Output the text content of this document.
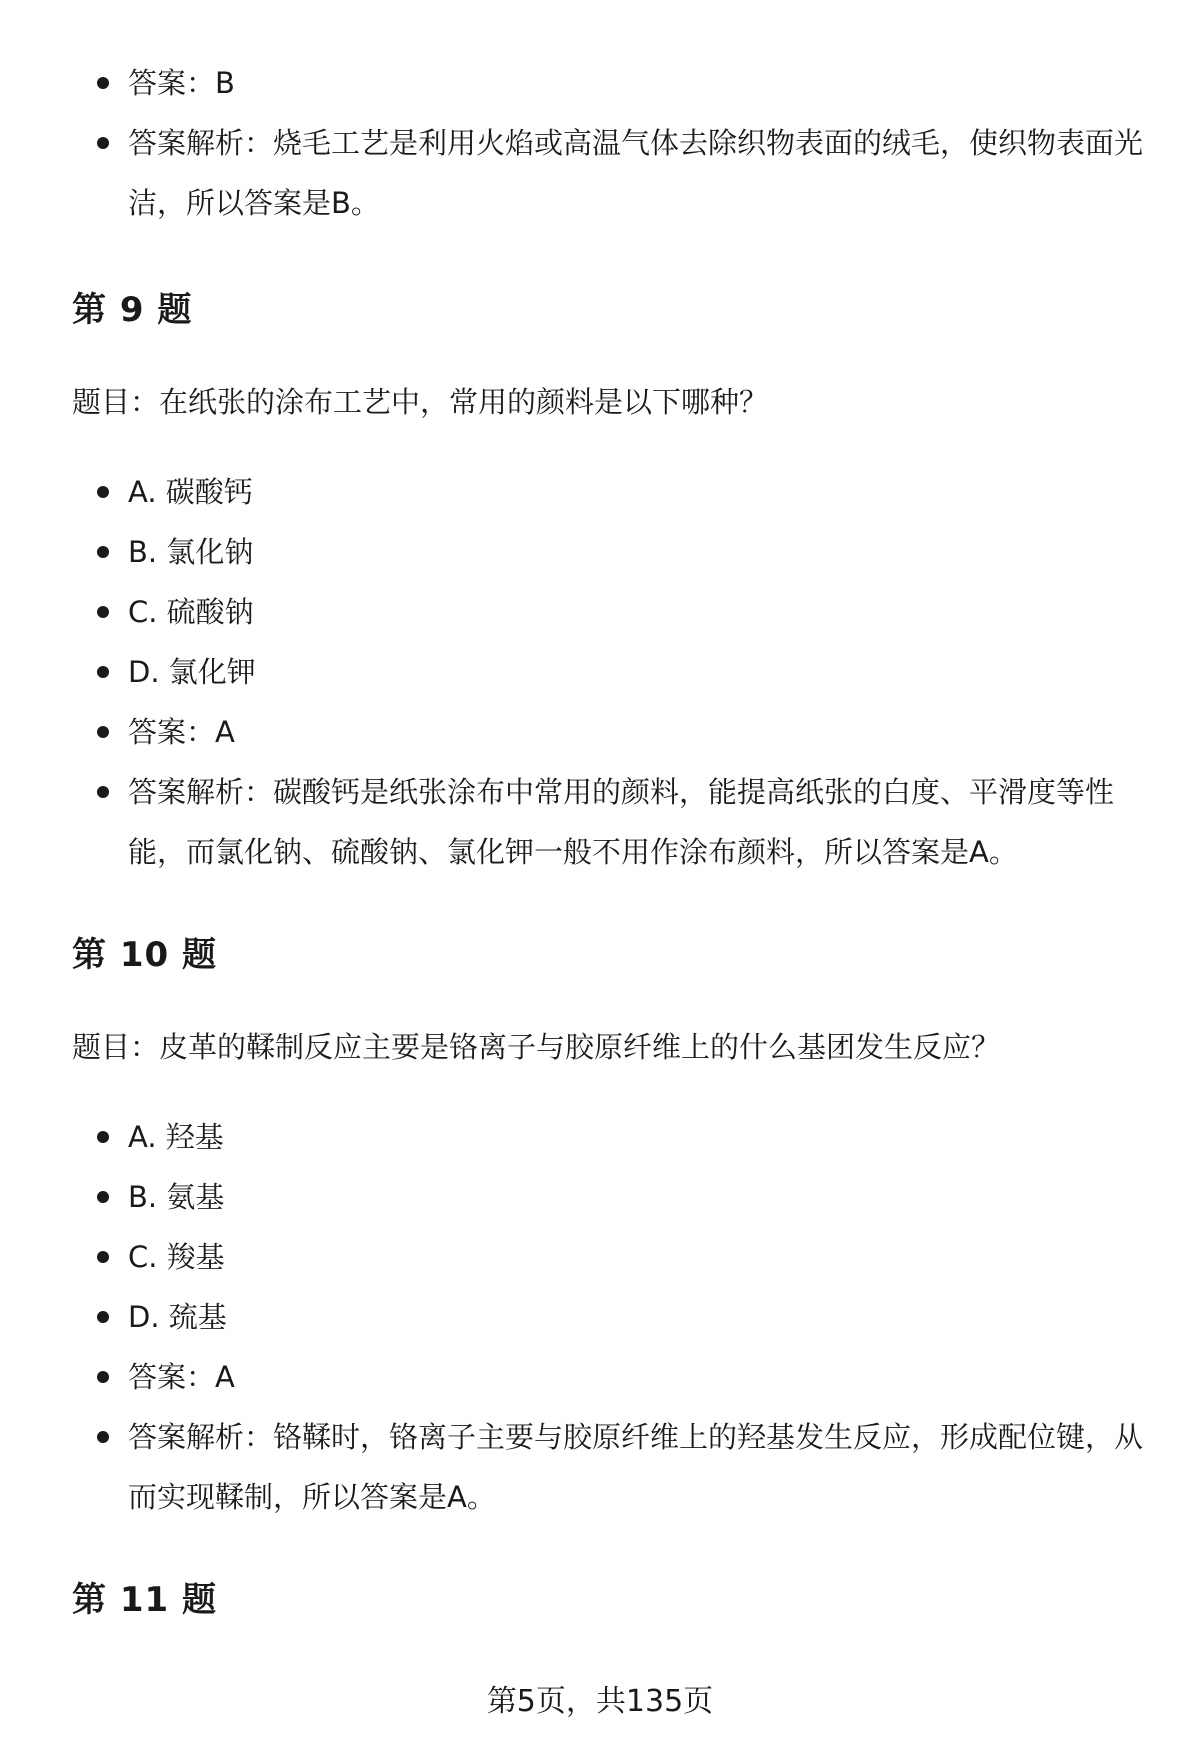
答案：B
答案解析：烧毛工艺是利用火焰或高温气体去除织物表面的绒毛，使织物表面光洁，所以答案是B。
第 9 题
题目：在纸张的涂布工艺中，常用的颜料是以下哪种？
A. 碳酸钙
B. 氯化钠
C. 硫酸钠
D. 氯化钾
答案：A
答案解析：碳酸钙是纸张涂布中常用的颜料，能提高纸张的白度、平滑度等性能，而氯化钠、硫酸钠、氯化钾一般不用作涂布颜料，所以答案是A。
第 10 题
题目：皮革的鞣制反应主要是铬离子与胶原纤维上的什么基团发生反应？
A. 羟基
B. 氨基
C. 羧基
D. 巯基
答案：A
答案解析：铬鞣时，铬离子主要与胶原纤维上的羟基发生反应，形成配位键，从而实现鞣制，所以答案是A。
第 11 题
第5页，共135页
